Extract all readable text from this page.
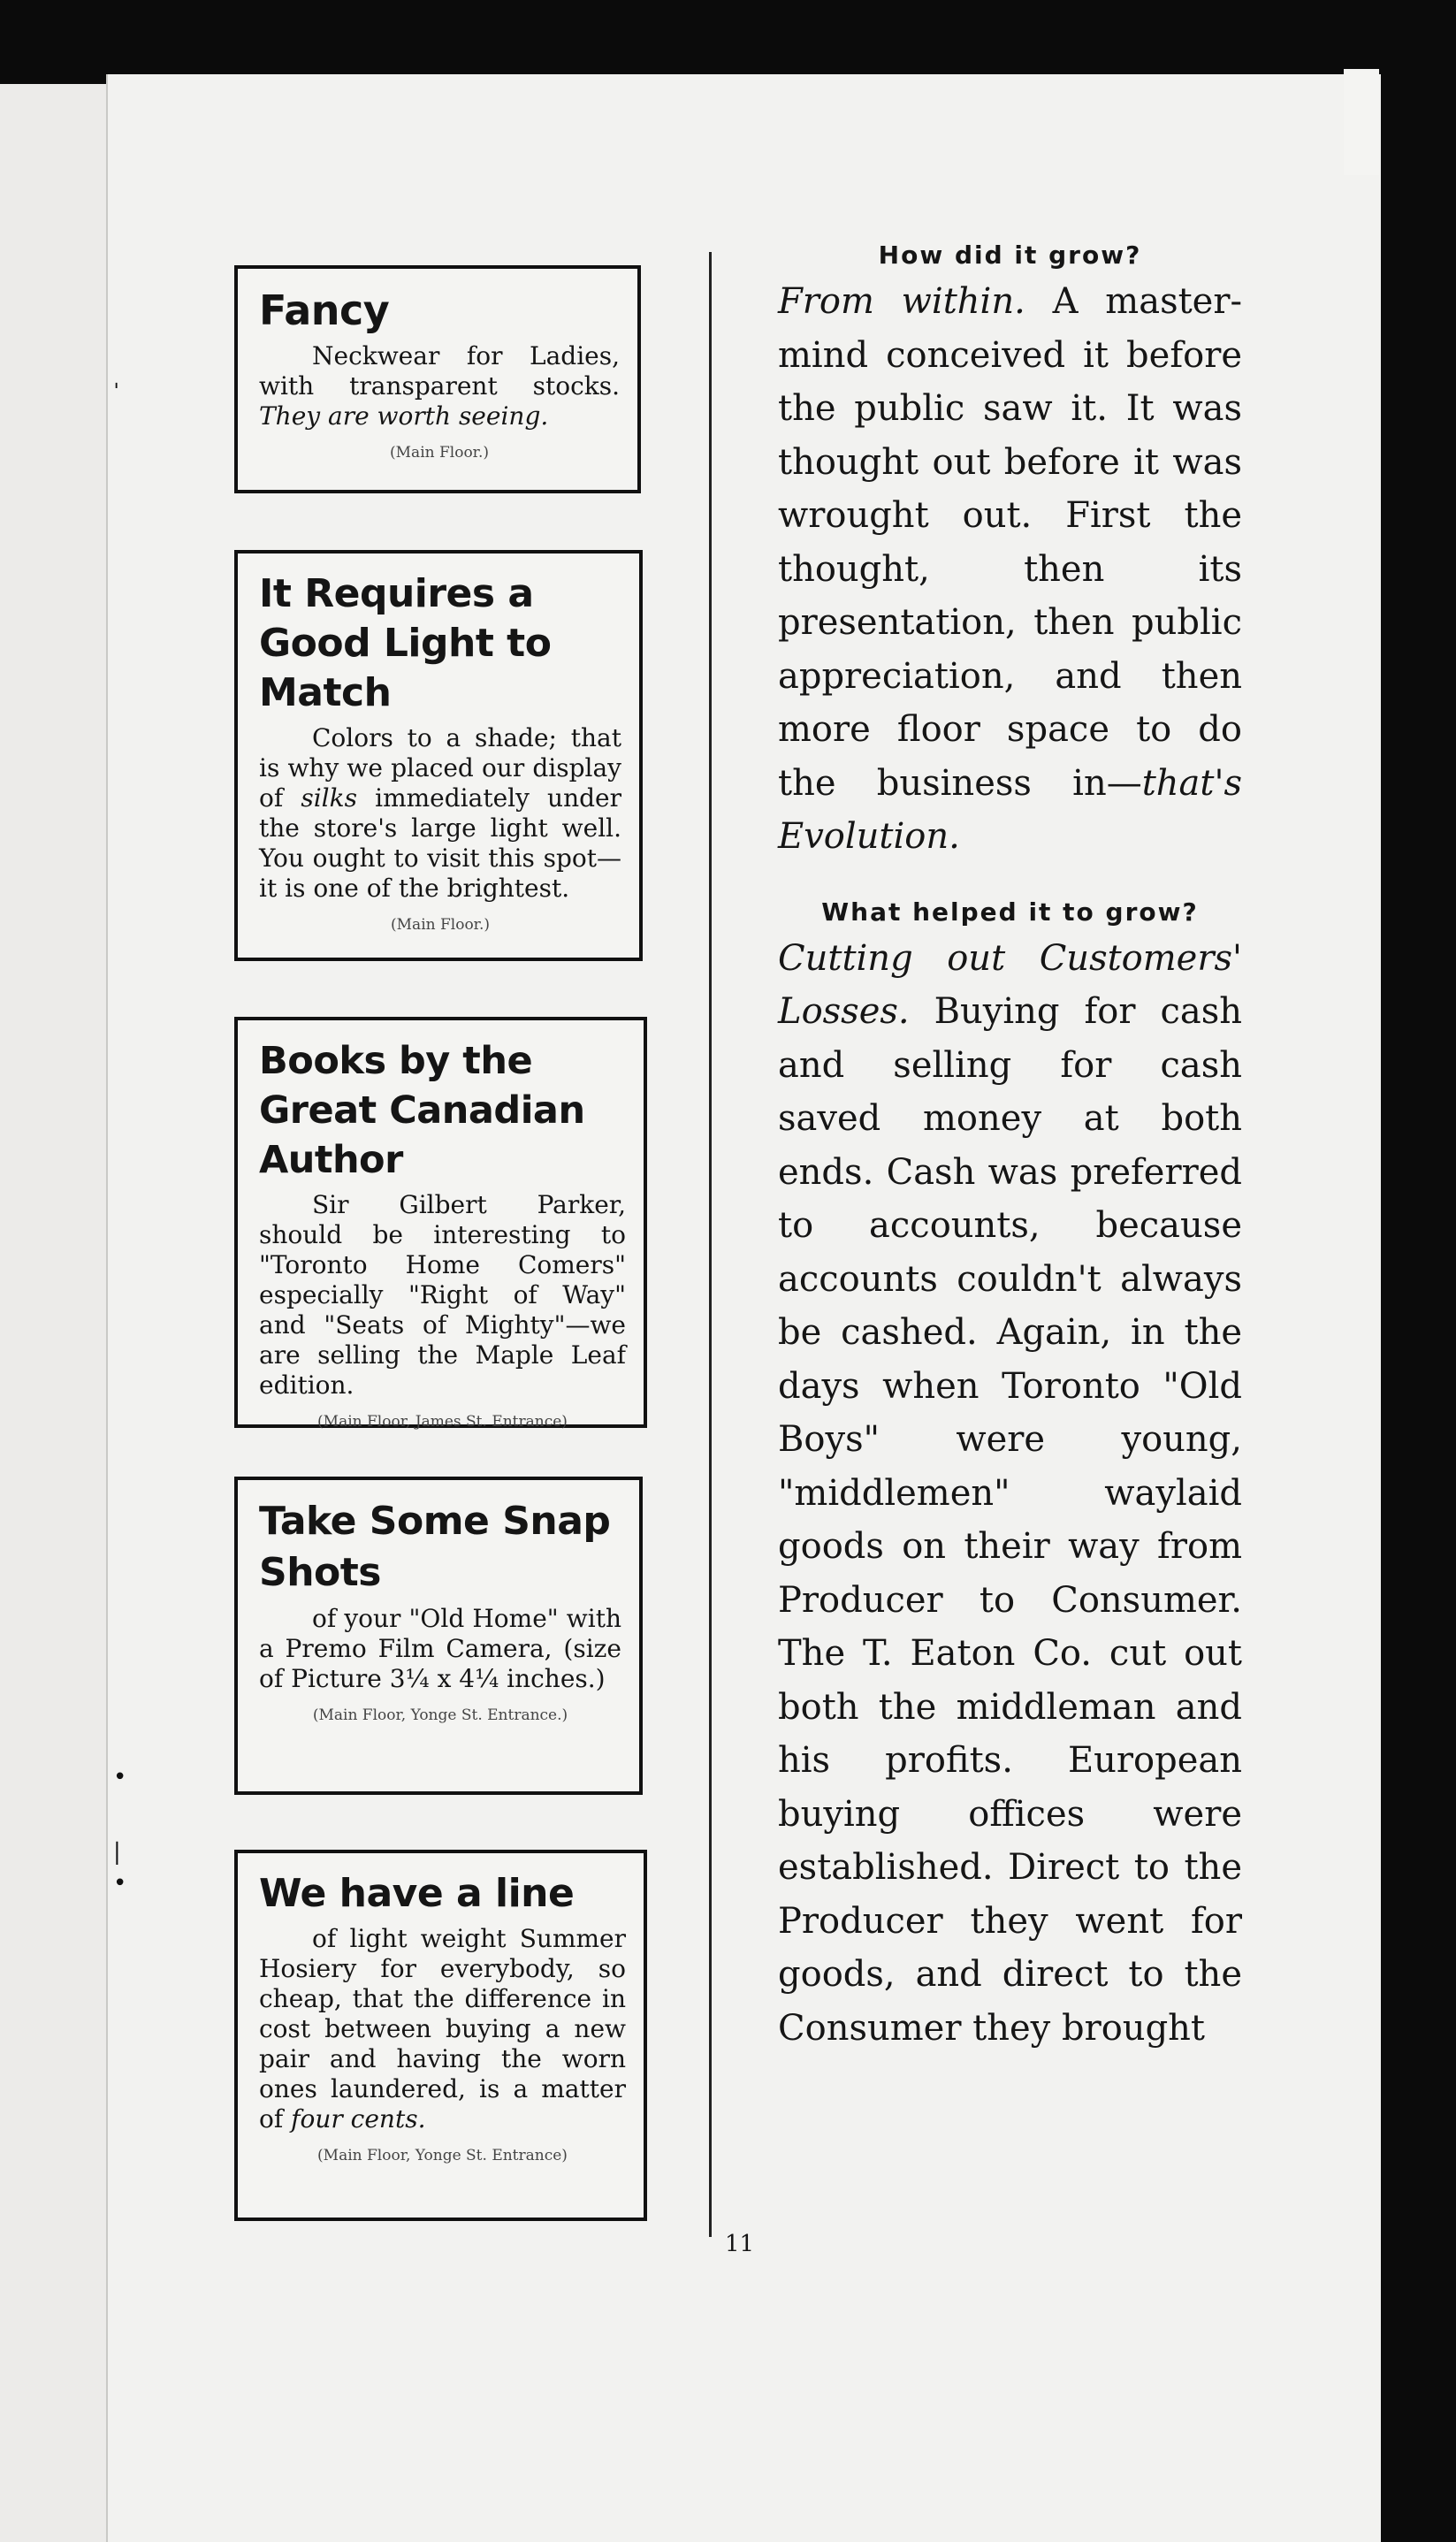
ˈ
•
|
•
Fancy
Neckwear for Ladies, with transparent stocks. They are worth seeing.
(Main Floor.)
It Requires a Good Light to Match
Colors to a shade; that is why we placed our display of silks immediately under the store's large light well. You ought to visit this spot—it is one of the brightest.
(Main Floor.)
Books by the Great Canadian Author
Sir Gilbert Parker, should be interesting to "Toronto Home Comers" especially "Right of Way" and "Seats of Mighty"—we are selling the Maple Leaf edition.
(Main Floor, James St. Entrance)
Take Some Snap Shots
of your "Old Home" with a Premo Film Camera, (size of Picture 3¼ x 4¼ inches.)
(Main Floor, Yonge St. Entrance.)
We have a line
of light weight Summer Hosiery for everybody, so cheap, that the difference in cost between buying a new pair and having the worn ones laundered, is a matter of four cents.
(Main Floor, Yonge St. Entrance)
How did it grow?

From within. A master-mind conceived it before the public saw it. It was thought out before it was wrought out. First the thought, then its presentation, then public appreciation, and then more floor space to do the business in—that's Evolution.

What helped it to grow?

Cutting out Customers' Losses. Buying for cash and selling for cash saved money at both ends. Cash was preferred to accounts, because accounts couldn't always be cashed. Again, in the days when Toronto "Old Boys" were young, "middlemen" waylaid goods on their way from Producer to Consumer. The T. Eaton Co. cut out both the middleman and his profits. European buying offices were established. Direct to the Producer they went for goods, and direct to the Consumer they brought

11
